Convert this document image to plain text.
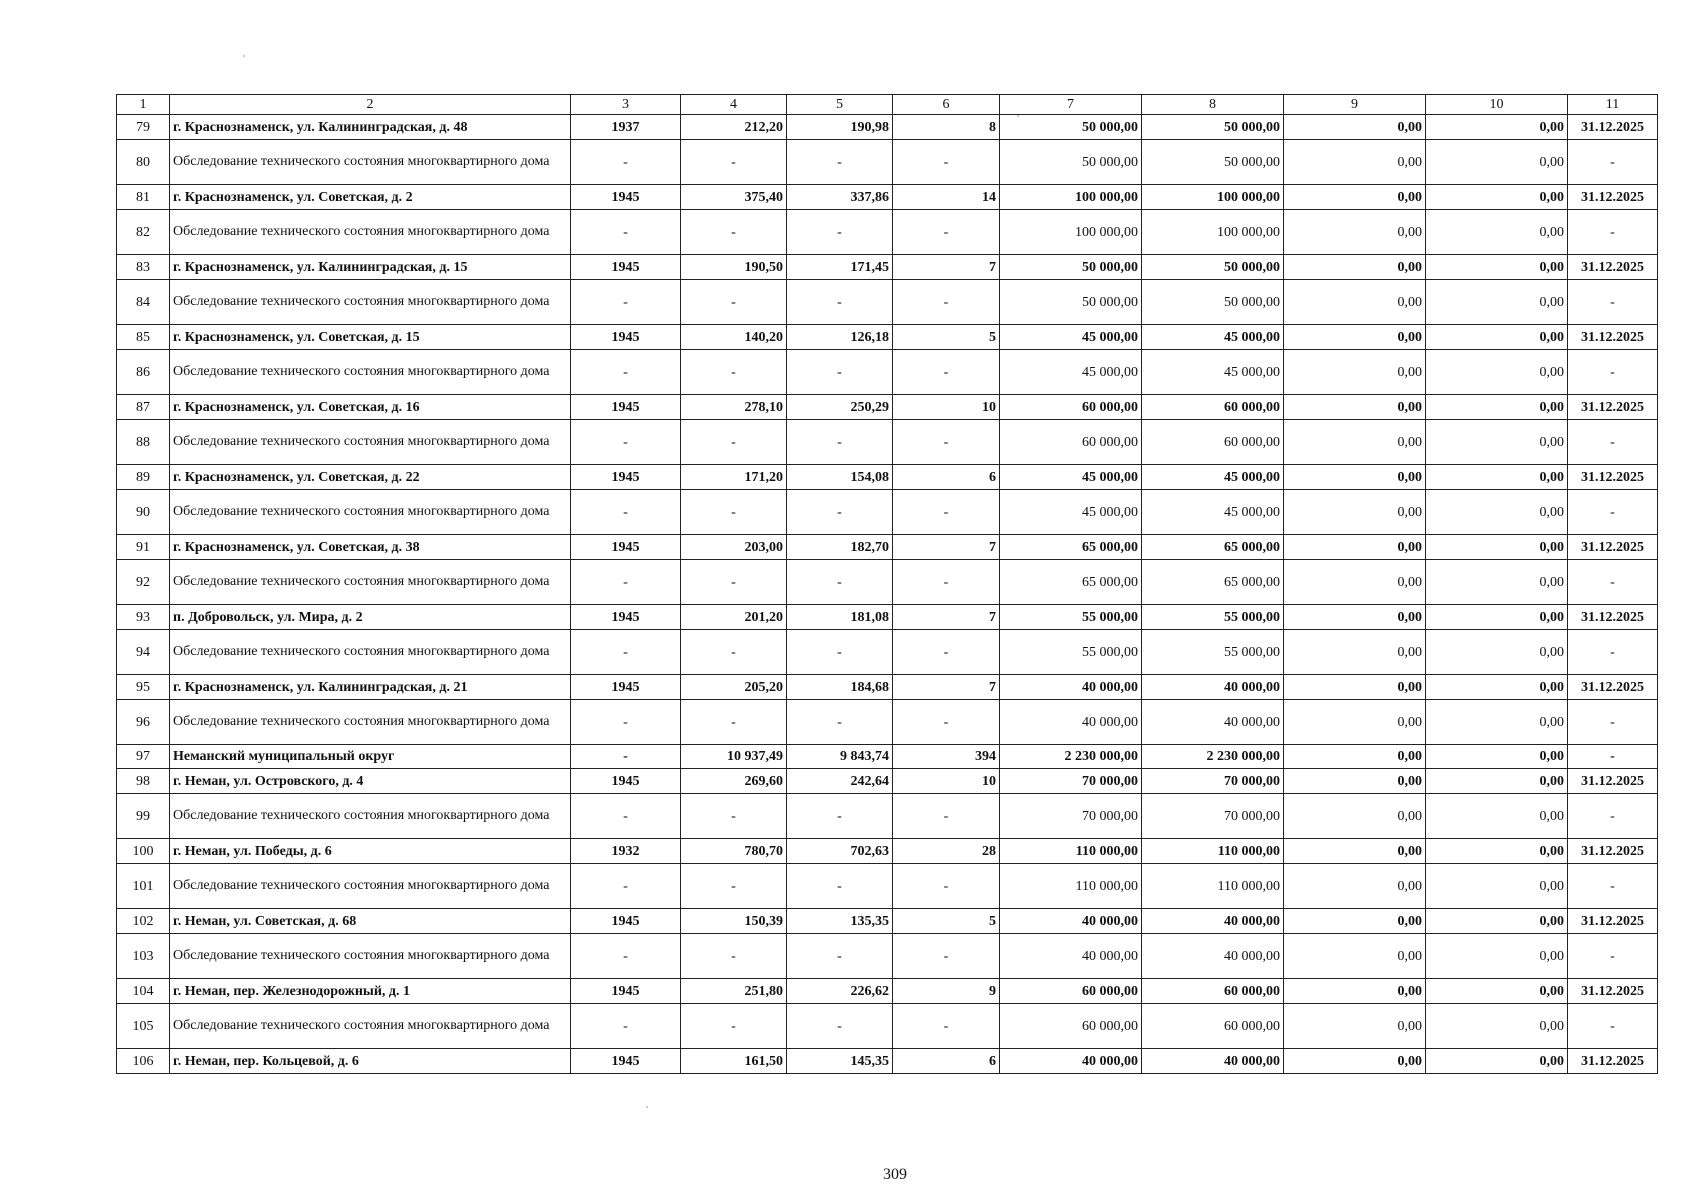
1	2	3	4	5	6	7	8	9	10	11
79	г. Краснознаменск, ул. Калининградская, д. 48	1937	212,20	190,98	8	50 000,00	50 000,00	0,00	0,00	31.12.2025
80	Обследование технического состояния многоквартирного дома	-	-	-	-	50 000,00	50 000,00	0,00	0,00	-
81	г. Краснознаменск, ул. Советская, д. 2	1945	375,40	337,86	14	100 000,00	100 000,00	0,00	0,00	31.12.2025
82	Обследование технического состояния многоквартирного дома	-	-	-	-	100 000,00	100 000,00	0,00	0,00	-
83	г. Краснознаменск, ул. Калининградская, д. 15	1945	190,50	171,45	7	50 000,00	50 000,00	0,00	0,00	31.12.2025
84	Обследование технического состояния многоквартирного дома	-	-	-	-	50 000,00	50 000,00	0,00	0,00	-
85	г. Краснознаменск, ул. Советская, д. 15	1945	140,20	126,18	5	45 000,00	45 000,00	0,00	0,00	31.12.2025
86	Обследование технического состояния многоквартирного дома	-	-	-	-	45 000,00	45 000,00	0,00	0,00	-
87	г. Краснознаменск, ул. Советская, д. 16	1945	278,10	250,29	10	60 000,00	60 000,00	0,00	0,00	31.12.2025
88	Обследование технического состояния многоквартирного дома	-	-	-	-	60 000,00	60 000,00	0,00	0,00	-
89	г. Краснознаменск, ул. Советская, д. 22	1945	171,20	154,08	6	45 000,00	45 000,00	0,00	0,00	31.12.2025
90	Обследование технического состояния многоквартирного дома	-	-	-	-	45 000,00	45 000,00	0,00	0,00	-
91	г. Краснознаменск, ул. Советская, д. 38	1945	203,00	182,70	7	65 000,00	65 000,00	0,00	0,00	31.12.2025
92	Обследование технического состояния многоквартирного дома	-	-	-	-	65 000,00	65 000,00	0,00	0,00	-
93	п. Добровольск, ул. Мира, д. 2	1945	201,20	181,08	7	55 000,00	55 000,00	0,00	0,00	31.12.2025
94	Обследование технического состояния многоквартирного дома	-	-	-	-	55 000,00	55 000,00	0,00	0,00	-
95	г. Краснознаменск, ул. Калининградская, д. 21	1945	205,20	184,68	7	40 000,00	40 000,00	0,00	0,00	31.12.2025
96	Обследование технического состояния многоквартирного дома	-	-	-	-	40 000,00	40 000,00	0,00	0,00	-
97	Неманский муниципальный округ	-	10 937,49	9 843,74	394	2 230 000,00	2 230 000,00	0,00	0,00	-
98	г. Неман, ул. Островского, д. 4	1945	269,60	242,64	10	70 000,00	70 000,00	0,00	0,00	31.12.2025
99	Обследование технического состояния многоквартирного дома	-	-	-	-	70 000,00	70 000,00	0,00	0,00	-
100	г. Неман, ул. Победы, д. 6	1932	780,70	702,63	28	110 000,00	110 000,00	0,00	0,00	31.12.2025
101	Обследование технического состояния многоквартирного дома	-	-	-	-	110 000,00	110 000,00	0,00	0,00	-
102	г. Неман, ул. Советская, д. 68	1945	150,39	135,35	5	40 000,00	40 000,00	0,00	0,00	31.12.2025
103	Обследование технического состояния многоквартирного дома	-	-	-	-	40 000,00	40 000,00	0,00	0,00	-
104	г. Неман, пер. Железнодорожный, д. 1	1945	251,80	226,62	9	60 000,00	60 000,00	0,00	0,00	31.12.2025
105	Обследование технического состояния многоквартирного дома	-	-	-	-	60 000,00	60 000,00	0,00	0,00	-
106	г. Неман, пер. Кольцевой, д. 6	1945	161,50	145,35	6	40 000,00	40 000,00	0,00	0,00	31.12.2025
309
